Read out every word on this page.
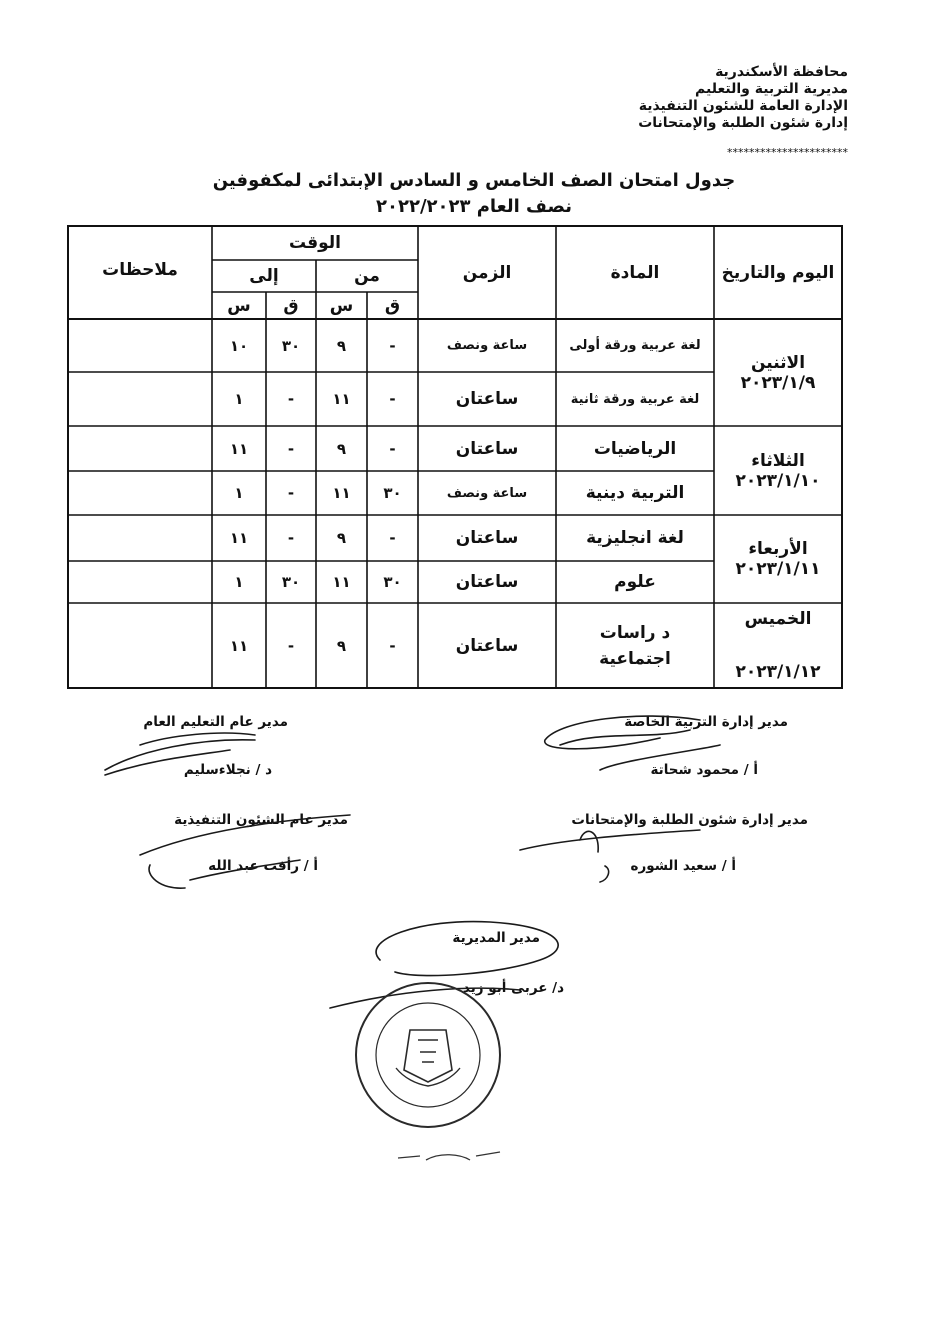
محافظة الأسكندرية
مديرية التربية والتعليم
الإدارة العامة للشئون التنفيذية
إدارة شئون الطلبة والإمتحانات
**********************
جدول امتحان الصف الخامس و السادس الإبتدائى لمكفوفين
نصف العام ٢٠٢٢/٢٠٢٣
اليوم والتاريخ
المادة
الزمن
الوقت
من
إلى
ق
س
ق
س
ملاحظات
الاثنين
٢٠٢٣/١/٩
الثلاثاء
٢٠٢٣/١/١٠
الأربعاء
٢٠٢٣/١/١١
الخميس
٢٠٢٣/١/١٢
لغة عربية ورقة أولى
ساعة ونصف
-
٩
٣٠
١٠
لغة عربية ورقة ثانية
ساعتان
-
١١
-
١
الرياضيات
ساعتان
-
٩
-
١١
التربية دينية
ساعة ونصف
٣٠
١١
-
١
لغة انجليزية
ساعتان
-
٩
-
١١
علوم
ساعتان
٣٠
١١
٣٠
١
د راسات اجتماعية
ساعتان
-
٩
-
١١
مدير إدارة التربية الخاصة
أ / محمود شحاتة
مدير عام التعليم العام
د / نجلاءسليم
مدير إدارة شئون الطلبة والإمتحانات
أ / سعيد الشوره
مدير عام الشئون التنفيذية
أ / رأفت عبد الله
مدير المديرية
د/ عربى أبو زيد
